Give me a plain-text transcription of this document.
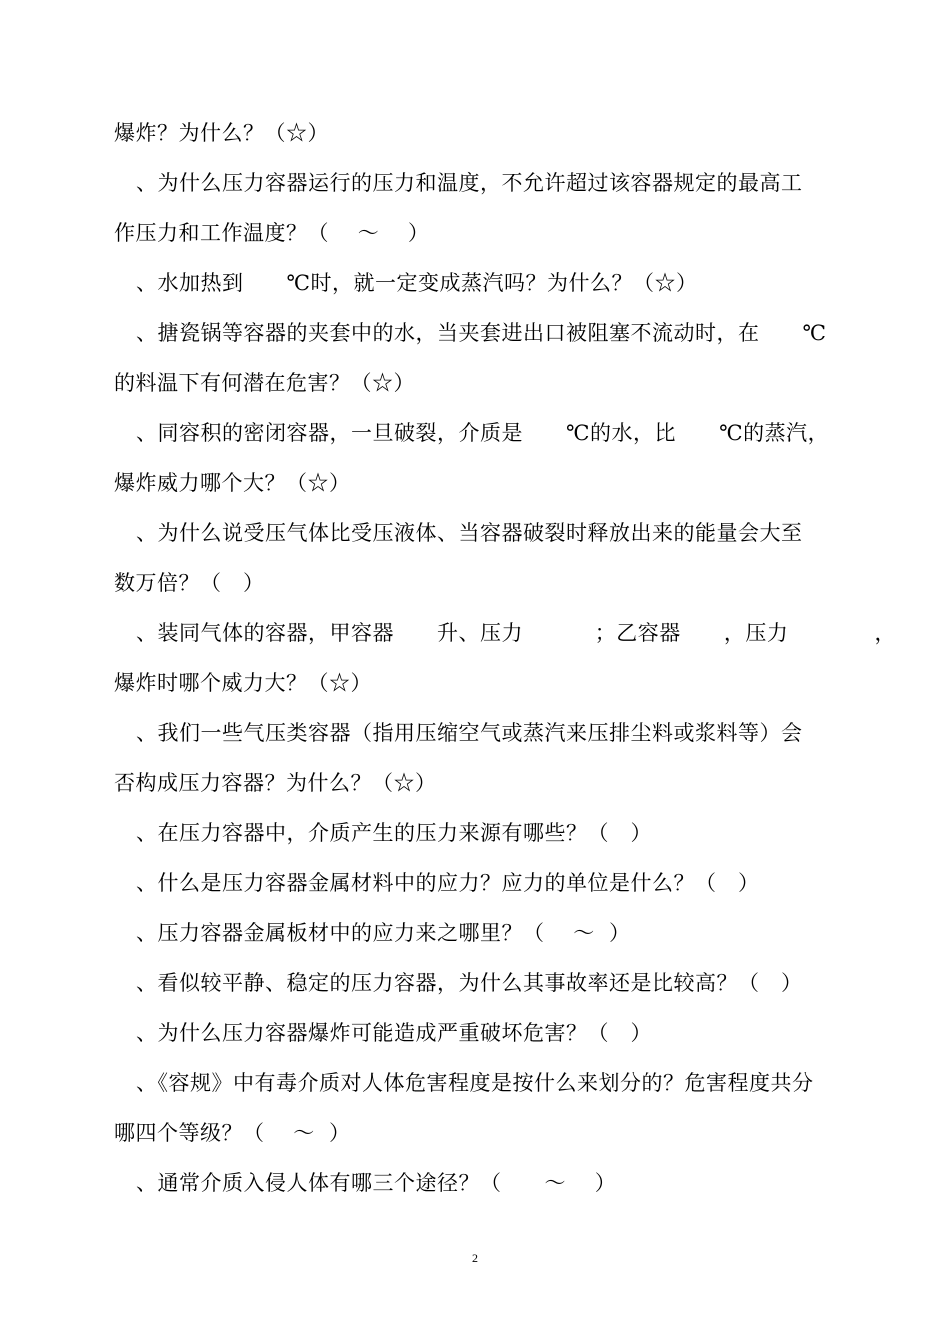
爆炸？为什么？（☆）
、为什么压力容器运行的压力和温度，不允许超过该容器规定的最高工
作压力和工作温度？（    ～    ）
、水加热到      ℃时，就一定变成蒸汽吗？为什么？（☆）
、搪瓷锅等容器的夹套中的水，当夹套进出口被阻塞不流动时，在      ℃
的料温下有何潜在危害？（☆）
、同容积的密闭容器，一旦破裂，介质是      ℃的水，比      ℃的蒸汽，
爆炸威力哪个大？（☆）
、为什么说受压气体比受压液体、当容器破裂时释放出来的能量会大至
数万倍？（   ）
、装同气体的容器，甲容器      升、压力          ；乙容器      ，压力            ，
爆炸时哪个威力大？（☆）
、我们一些气压类容器（指用压缩空气或蒸汽来压排尘料或浆料等）会
否构成压力容器？为什么？（☆）
、在压力容器中，介质产生的压力来源有哪些？（   ）
、什么是压力容器金属材料中的应力？应力的单位是什么？（   ）
、压力容器金属板材中的应力来之哪里？（    ～  ）
、看似较平静、稳定的压力容器，为什么其事故率还是比较高？（   ）
、为什么压力容器爆炸可能造成严重破坏危害？（   ）
、《容规》中有毒介质对人体危害程度是按什么来划分的？危害程度共分
哪四个等级？（    ～  ）
、通常介质入侵人体有哪三个途径？（      ～    ）
2
